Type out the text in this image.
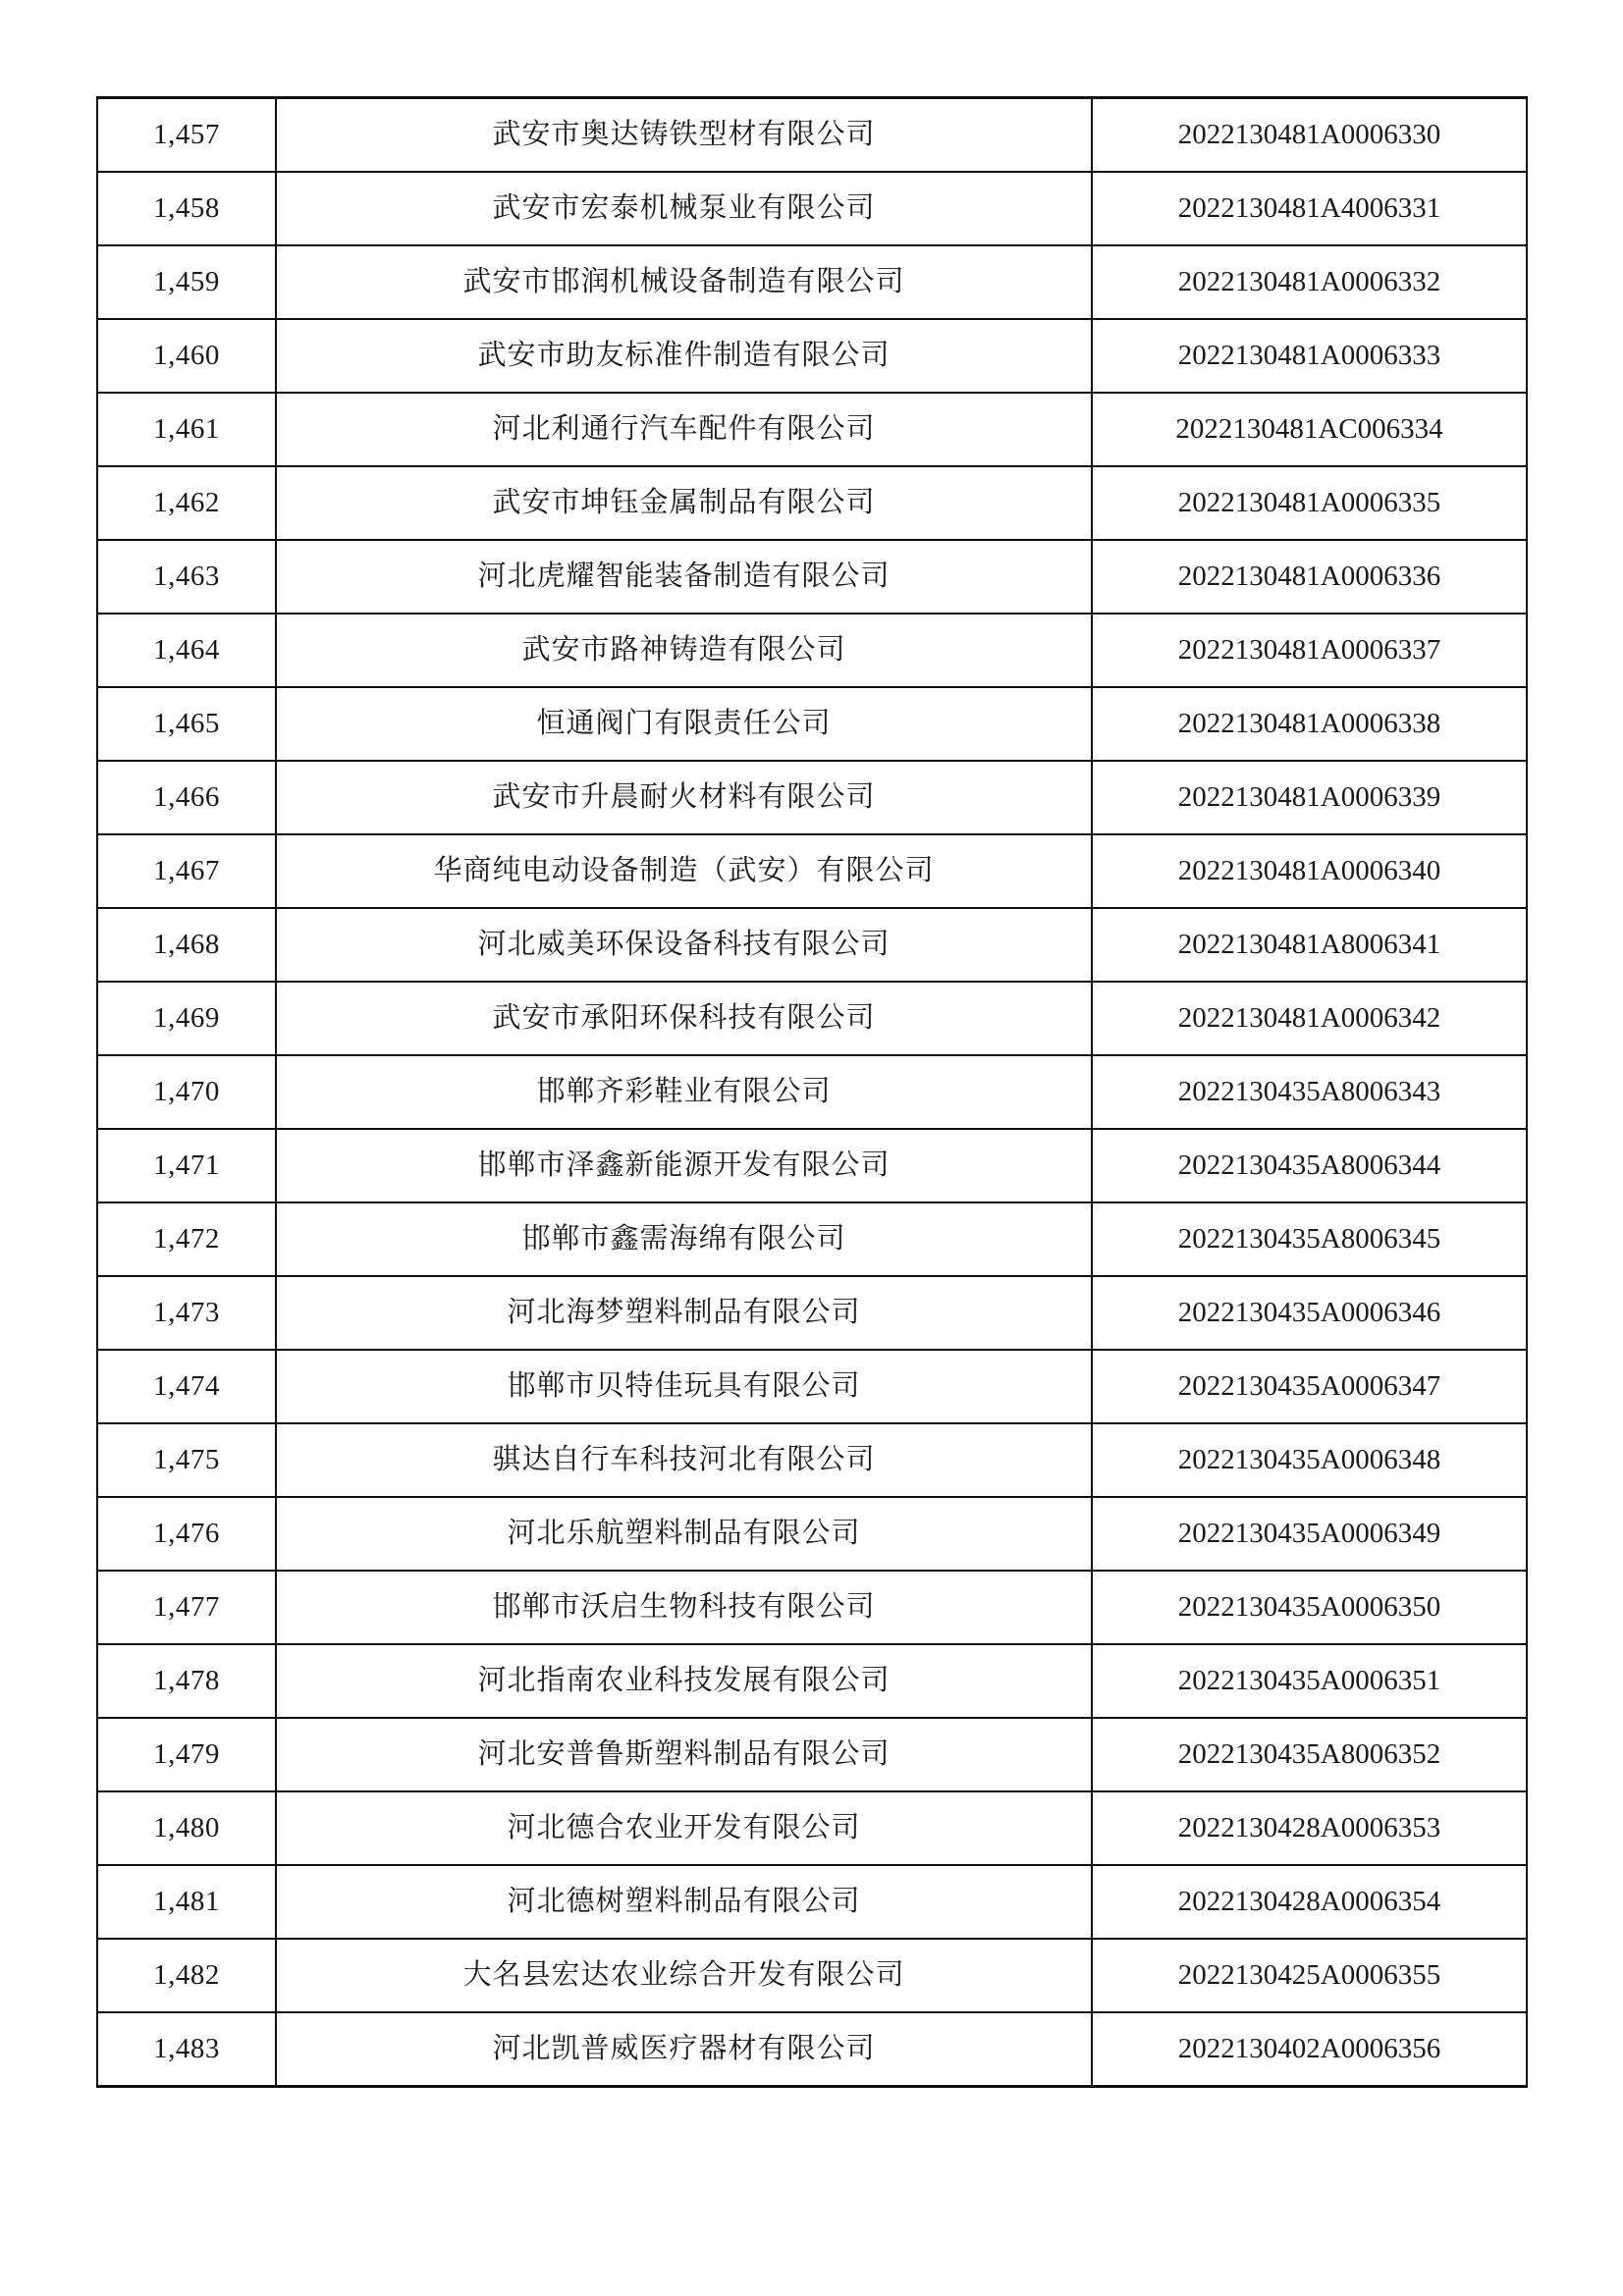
1,457	武安市奥达铸铁型材有限公司	2022130481A0006330
1,458	武安市宏泰机械泵业有限公司	2022130481A4006331
1,459	武安市邯润机械设备制造有限公司	2022130481A0006332
1,460	武安市助友标准件制造有限公司	2022130481A0006333
1,461	河北利通行汽车配件有限公司	2022130481AC006334
1,462	武安市坤钰金属制品有限公司	2022130481A0006335
1,463	河北虎耀智能装备制造有限公司	2022130481A0006336
1,464	武安市路神铸造有限公司	2022130481A0006337
1,465	恒通阀门有限责任公司	2022130481A0006338
1,466	武安市升晨耐火材料有限公司	2022130481A0006339
1,467	华商纯电动设备制造（武安）有限公司	2022130481A0006340
1,468	河北威美环保设备科技有限公司	2022130481A8006341
1,469	武安市承阳环保科技有限公司	2022130481A0006342
1,470	邯郸齐彩鞋业有限公司	2022130435A8006343
1,471	邯郸市泽鑫新能源开发有限公司	2022130435A8006344
1,472	邯郸市鑫需海绵有限公司	2022130435A8006345
1,473	河北海梦塑料制品有限公司	2022130435A0006346
1,474	邯郸市贝特佳玩具有限公司	2022130435A0006347
1,475	骐达自行车科技河北有限公司	2022130435A0006348
1,476	河北乐航塑料制品有限公司	2022130435A0006349
1,477	邯郸市沃启生物科技有限公司	2022130435A0006350
1,478	河北指南农业科技发展有限公司	2022130435A0006351
1,479	河北安普鲁斯塑料制品有限公司	2022130435A8006352
1,480	河北德合农业开发有限公司	2022130428A0006353
1,481	河北德树塑料制品有限公司	2022130428A0006354
1,482	大名县宏达农业综合开发有限公司	2022130425A0006355
1,483	河北凯普威医疗器材有限公司	2022130402A0006356
